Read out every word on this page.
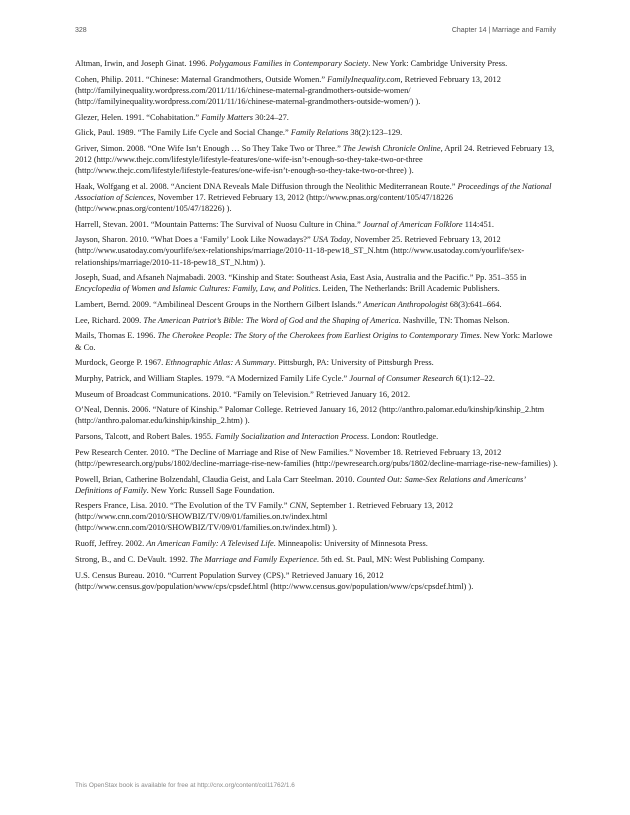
328	Chapter 14 | Marriage and Family
Altman, Irwin, and Joseph Ginat. 1996. Polygamous Families in Contemporary Society. New York: Cambridge University Press.
Cohen, Philip. 2011. “Chinese: Maternal Grandmothers, Outside Women.” FamilyInequality.com, Retrieved February 13, 2012 (http://familyinequality.wordpress.com/2011/11/16/chinese-maternal-grandmothers-outside-women/ (http://familyinequality.wordpress.com/2011/11/16/chinese-maternal-grandmothers-outside-women/) ).
Glezer, Helen. 1991. “Cohabitation.” Family Matters 30:24–27.
Glick, Paul. 1989. “The Family Life Cycle and Social Change.” Family Relations 38(2):123–129.
Griver, Simon. 2008. “One Wife Isn’t Enough … So They Take Two or Three.” The Jewish Chronicle Online, April 24. Retrieved February 13, 2012 (http://www.thejc.com/lifestyle/lifestyle-features/one-wife-isn’t-enough-so-they-take-two-or-three (http://www.thejc.com/lifestyle/lifestyle-features/one-wife-isn’t-enough-so-they-take-two-or-three) ).
Haak, Wolfgang et al. 2008. “Ancient DNA Reveals Male Diffusion through the Neolithic Mediterranean Route.” Proceedings of the National Association of Sciences, November 17. Retrieved February 13, 2012 (http://www.pnas.org/content/105/47/18226 (http://www.pnas.org/content/105/47/18226) ).
Harrell, Stevan. 2001. “Mountain Patterns: The Survival of Nuosu Culture in China.” Journal of American Folklore 114:451.
Jayson, Sharon. 2010. “What Does a ‘Family’ Look Like Nowadays?” USA Today, November 25. Retrieved February 13, 2012 (http://www.usatoday.com/yourlife/sex-relationships/marriage/2010-11-18-pew18_ST_N.htm (http://www.usatoday.com/yourlife/sex-relationships/marriage/2010-11-18-pew18_ST_N.htm) ).
Joseph, Suad, and Afsaneh Najmabadi. 2003. “Kinship and State: Southeast Asia, East Asia, Australia and the Pacific.” Pp. 351–355 in Encyclopedia of Women and Islamic Cultures: Family, Law, and Politics. Leiden, The Netherlands: Brill Academic Publishers.
Lambert, Bernd. 2009. “Ambilineal Descent Groups in the Northern Gilbert Islands.” American Anthropologist 68(3):641–664.
Lee, Richard. 2009. The American Patriot’s Bible: The Word of God and the Shaping of America. Nashville, TN: Thomas Nelson.
Mails, Thomas E. 1996. The Cherokee People: The Story of the Cherokees from Earliest Origins to Contemporary Times. New York: Marlowe & Co.
Murdock, George P. 1967. Ethnographic Atlas: A Summary. Pittsburgh, PA: University of Pittsburgh Press.
Murphy, Patrick, and William Staples. 1979. “A Modernized Family Life Cycle.” Journal of Consumer Research 6(1):12–22.
Museum of Broadcast Communications. 2010. “Family on Television.” Retrieved January 16, 2012.
O’Neal, Dennis. 2006. “Nature of Kinship.” Palomar College. Retrieved January 16, 2012 (http://anthro.palomar.edu/kinship/kinship_2.htm (http://anthro.palomar.edu/kinship/kinship_2.htm) ).
Parsons, Talcott, and Robert Bales. 1955. Family Socialization and Interaction Process. London: Routledge.
Pew Research Center. 2010. “The Decline of Marriage and Rise of New Families.” November 18. Retrieved February 13, 2012 (http://pewresearch.org/pubs/1802/decline-marriage-rise-new-families (http://pewresearch.org/pubs/1802/decline-marriage-rise-new-families) ).
Powell, Brian, Catherine Bolzendahl, Claudia Geist, and Lala Carr Steelman. 2010. Counted Out: Same-Sex Relations and Americans’ Definitions of Family. New York: Russell Sage Foundation.
Respers France, Lisa. 2010. “The Evolution of the TV Family.” CNN, September 1. Retrieved February 13, 2012 (http://www.cnn.com/2010/SHOWBIZ/TV/09/01/families.on.tv/index.html (http://www.cnn.com/2010/SHOWBIZ/TV/09/01/families.on.tv/index.html) ).
Ruoff, Jeffrey. 2002. An American Family: A Televised Life. Minneapolis: University of Minnesota Press.
Strong, B., and C. DeVault. 1992. The Marriage and Family Experience. 5th ed. St. Paul, MN: West Publishing Company.
U.S. Census Bureau. 2010. “Current Population Survey (CPS).” Retrieved January 16, 2012 (http://www.census.gov/population/www/cps/cpsdef.html (http://www.census.gov/population/www/cps/cpsdef.html) ).
This OpenStax book is available for free at http://cnx.org/content/col11762/1.6
